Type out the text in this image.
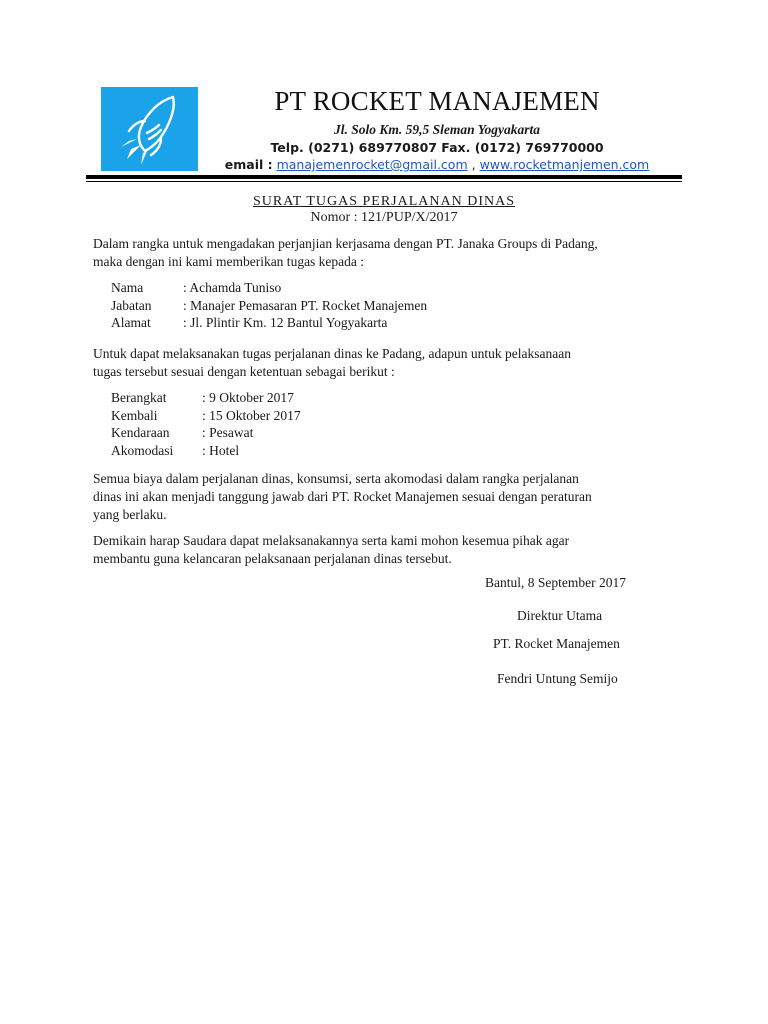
PT ROCKET MANAJEMEN
Jl. Solo Km. 59,5 Sleman Yogyakarta
Telp. (0271) 689770807 Fax. (0172) 769770000
email : manajemenrocket@gmail.com , www.rocketmanjemen.com
SURAT TUGAS PERJALANAN DINAS
Nomor : 121/PUP/X/2017
Dalam rangka untuk mengadakan perjanjian kerjasama dengan PT. Janaka Groups di Padang,
maka dengan ini kami memberikan tugas kepada :
Nama	: Achamda Tuniso
Jabatan	: Manajer Pemasaran PT. Rocket Manajemen
Alamat	: Jl. Plintir Km. 12 Bantul Yogyakarta
Untuk dapat melaksanakan tugas perjalanan dinas ke Padang, adapun untuk pelaksanaan
tugas tersebut sesuai dengan ketentuan sebagai berikut :
Berangkat	: 9 Oktober 2017
Kembali	: 15 Oktober 2017
Kendaraan	: Pesawat
Akomodasi	: Hotel
Semua biaya dalam perjalanan dinas, konsumsi, serta akomodasi dalam rangka perjalanan
dinas ini akan menjadi tanggung jawab dari PT. Rocket Manajemen sesuai dengan peraturan
yang berlaku.
Demikain harap Saudara dapat melaksanakannya serta kami mohon kesemua pihak agar
membantu guna kelancaran pelaksanaan perjalanan dinas tersebut.
Bantul, 8 September 2017
Direktur Utama
PT. Rocket Manajemen
Fendri Untung Semijo
